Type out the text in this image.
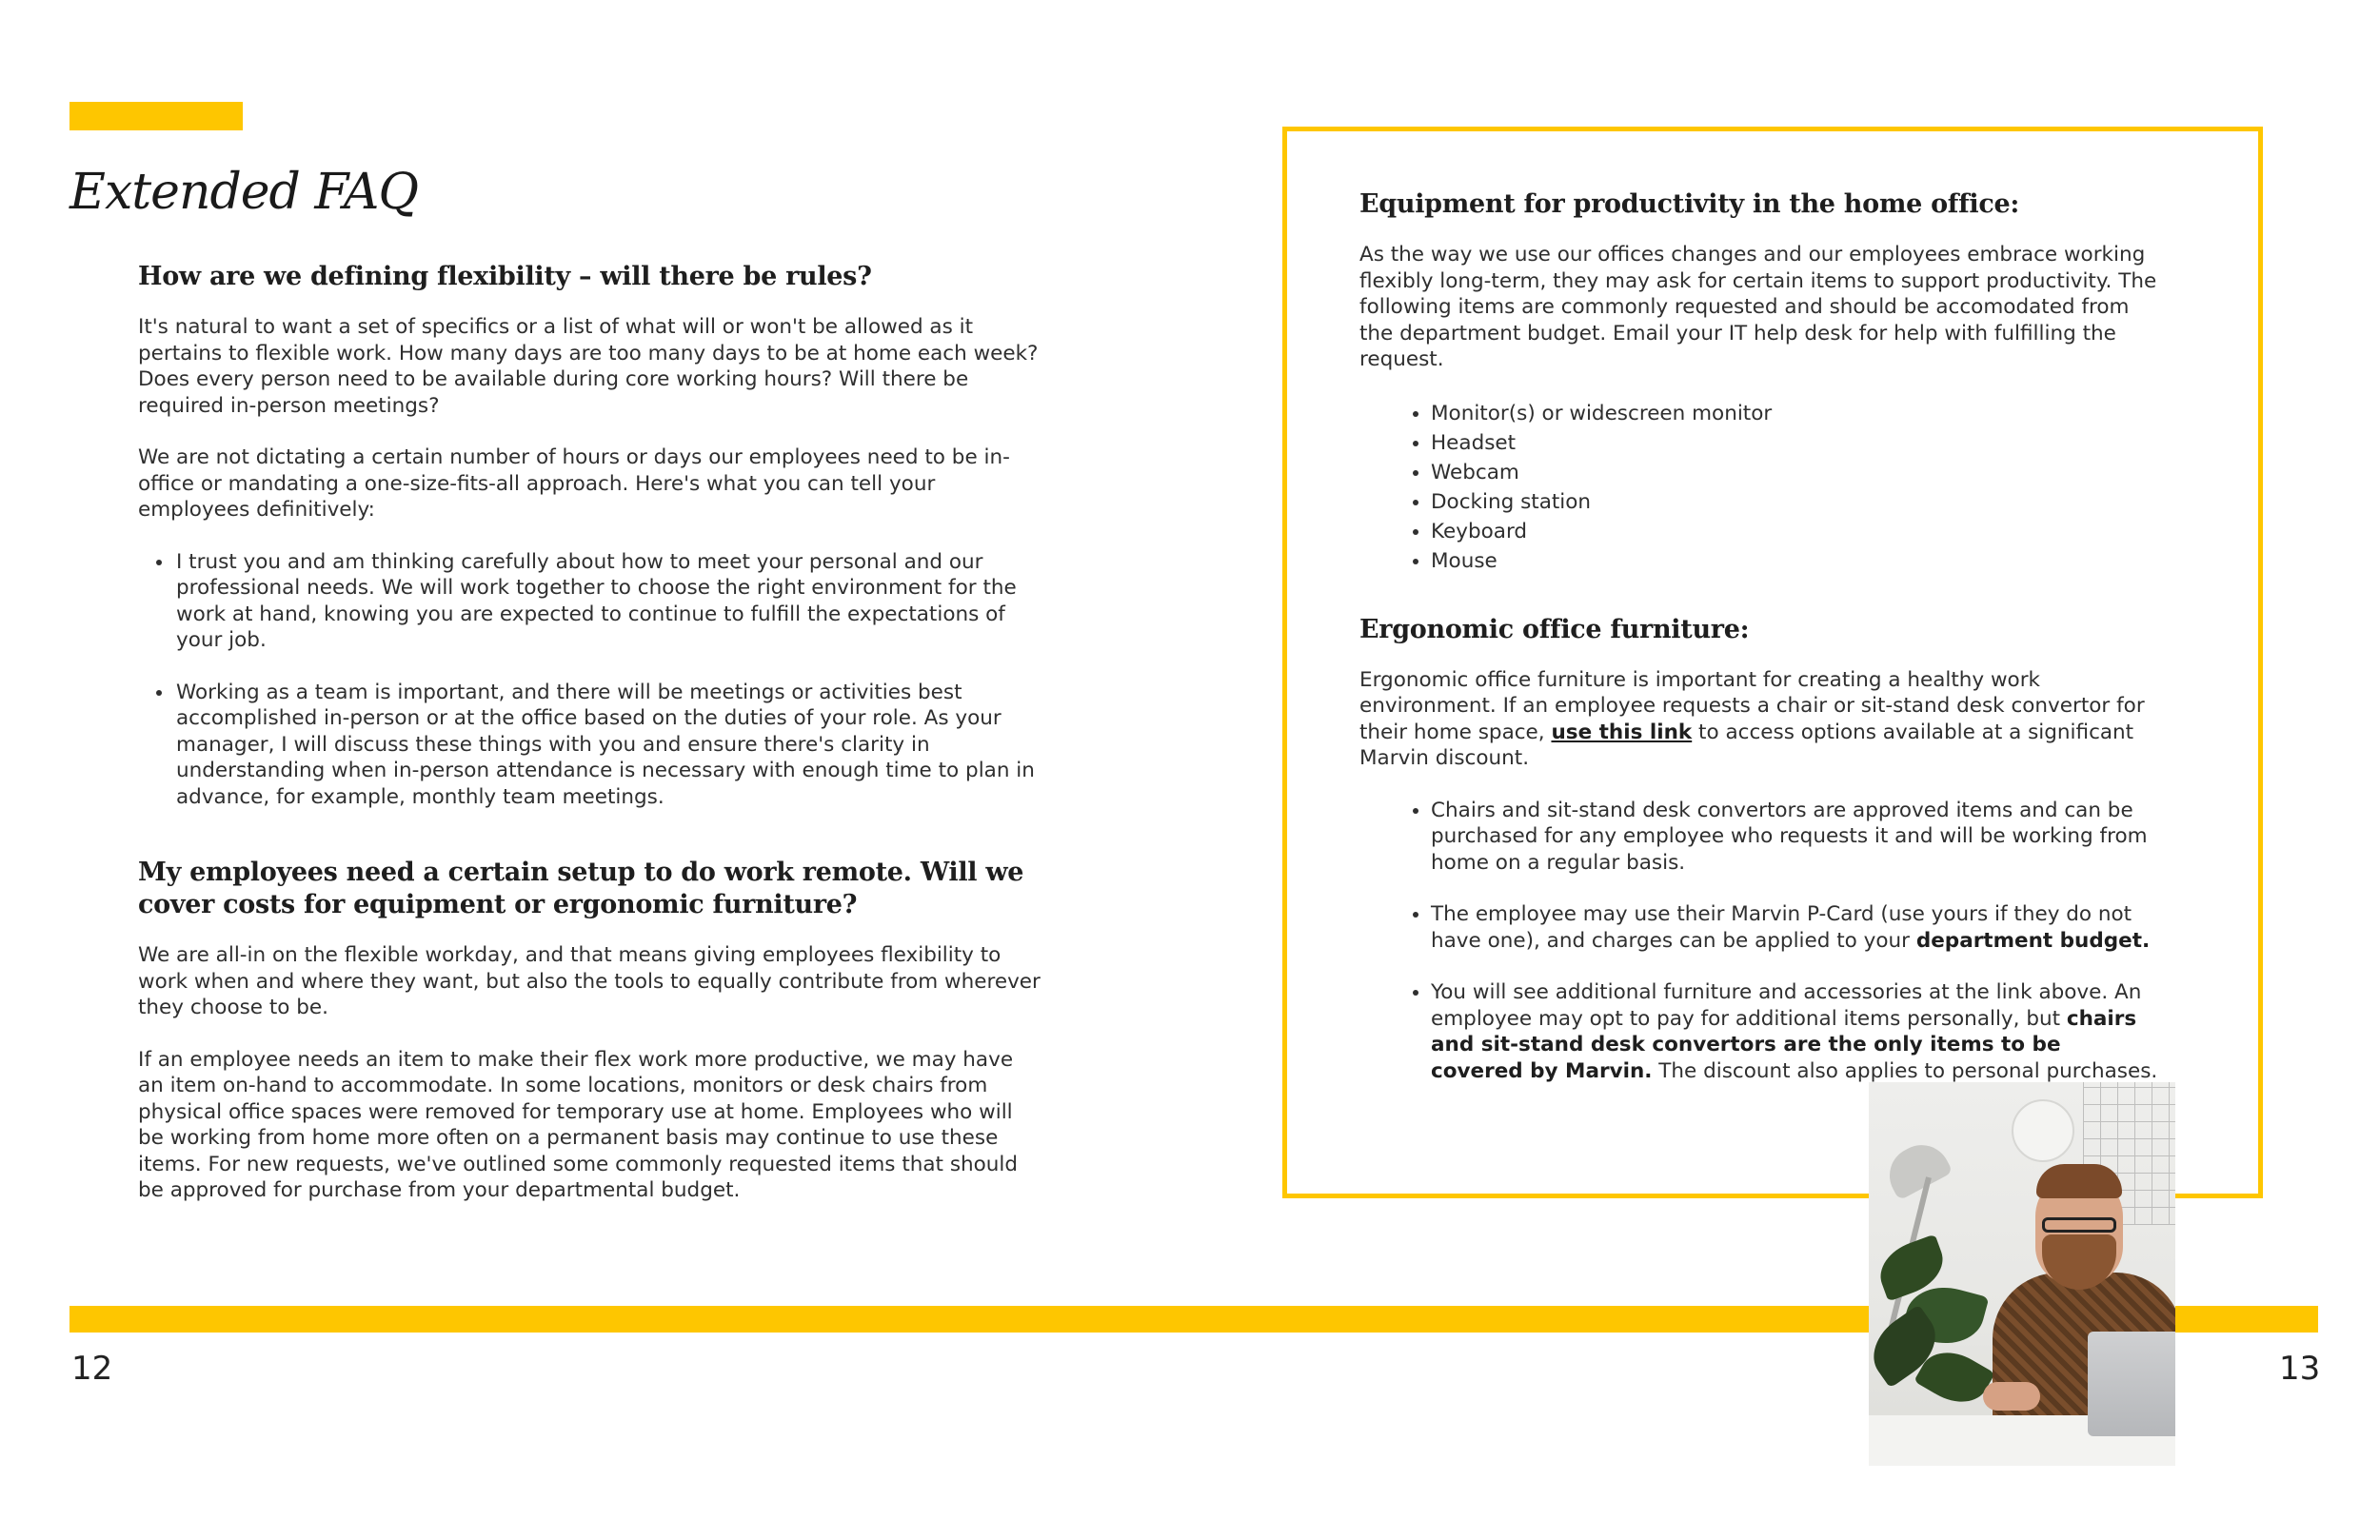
Extended FAQ
How are we defining flexibility – will there be rules?

It's natural to want a set of specifics or a list of what will or won't be allowed as it pertains to flexible work. How many days are too many days to be at home each week? Does every person need to be available during core working hours? Will there be required in-person meetings?

We are not dictating a certain number of hours or days our employees need to be in-office or mandating a one-size-fits-all approach. Here's what you can tell your employees definitively:

• I trust you and am thinking carefully about how to meet your personal and our professional needs. We will work together to choose the right environment for the work at hand, knowing you are expected to continue to fulfill the expectations of your job.
• Working as a team is important, and there will be meetings or activities best accomplished in-person or at the office based on the duties of your role. As your manager, I will discuss these things with you and ensure there's clarity in understanding when in-person attendance is necessary with enough time to plan in advance, for example, monthly team meetings.
My employees need a certain setup to do work remote. Will we cover costs for equipment or ergonomic furniture?

We are all-in on the flexible workday, and that means giving employees flexibility to work when and where they want, but also the tools to equally contribute from wherever they choose to be.

If an employee needs an item to make their flex work more productive, we may have an item on-hand to accommodate. In some locations, monitors or desk chairs from physical office spaces were removed for temporary use at home. Employees who will be working from home more often on a permanent basis may continue to use these items. For new requests, we've outlined some commonly requested items that should be approved for purchase from your departmental budget.

Equipment for productivity in the home office:

As the way we use our offices changes and our employees embrace working flexibly long-term, they may ask for certain items to support productivity. The following items are commonly requested and should be accomodated from the department budget. Email your IT help desk for help with fulfilling the request.

• Monitor(s) or widescreen monitor
• Headset
• Webcam
• Docking station
• Keyboard
• Mouse
Ergonomic office furniture:

Ergonomic office furniture is important for creating a healthy work environment. If an employee requests a chair or sit-stand desk convertor for their home space, use this link to access options available at a significant Marvin discount.

• Chairs and sit-stand desk convertors are approved items and can be purchased for any employee who requests it and will be working from home on a regular basis.
• The employee may use their Marvin P-Card (use yours if they do not have one), and charges can be applied to your department budget.
• You will see additional furniture and accessories at the link above. An employee may opt to pay for additional items personally, but chairs and sit-stand desk convertors are the only items to be covered by Marvin. The discount also applies to personal purchases.
12	13
